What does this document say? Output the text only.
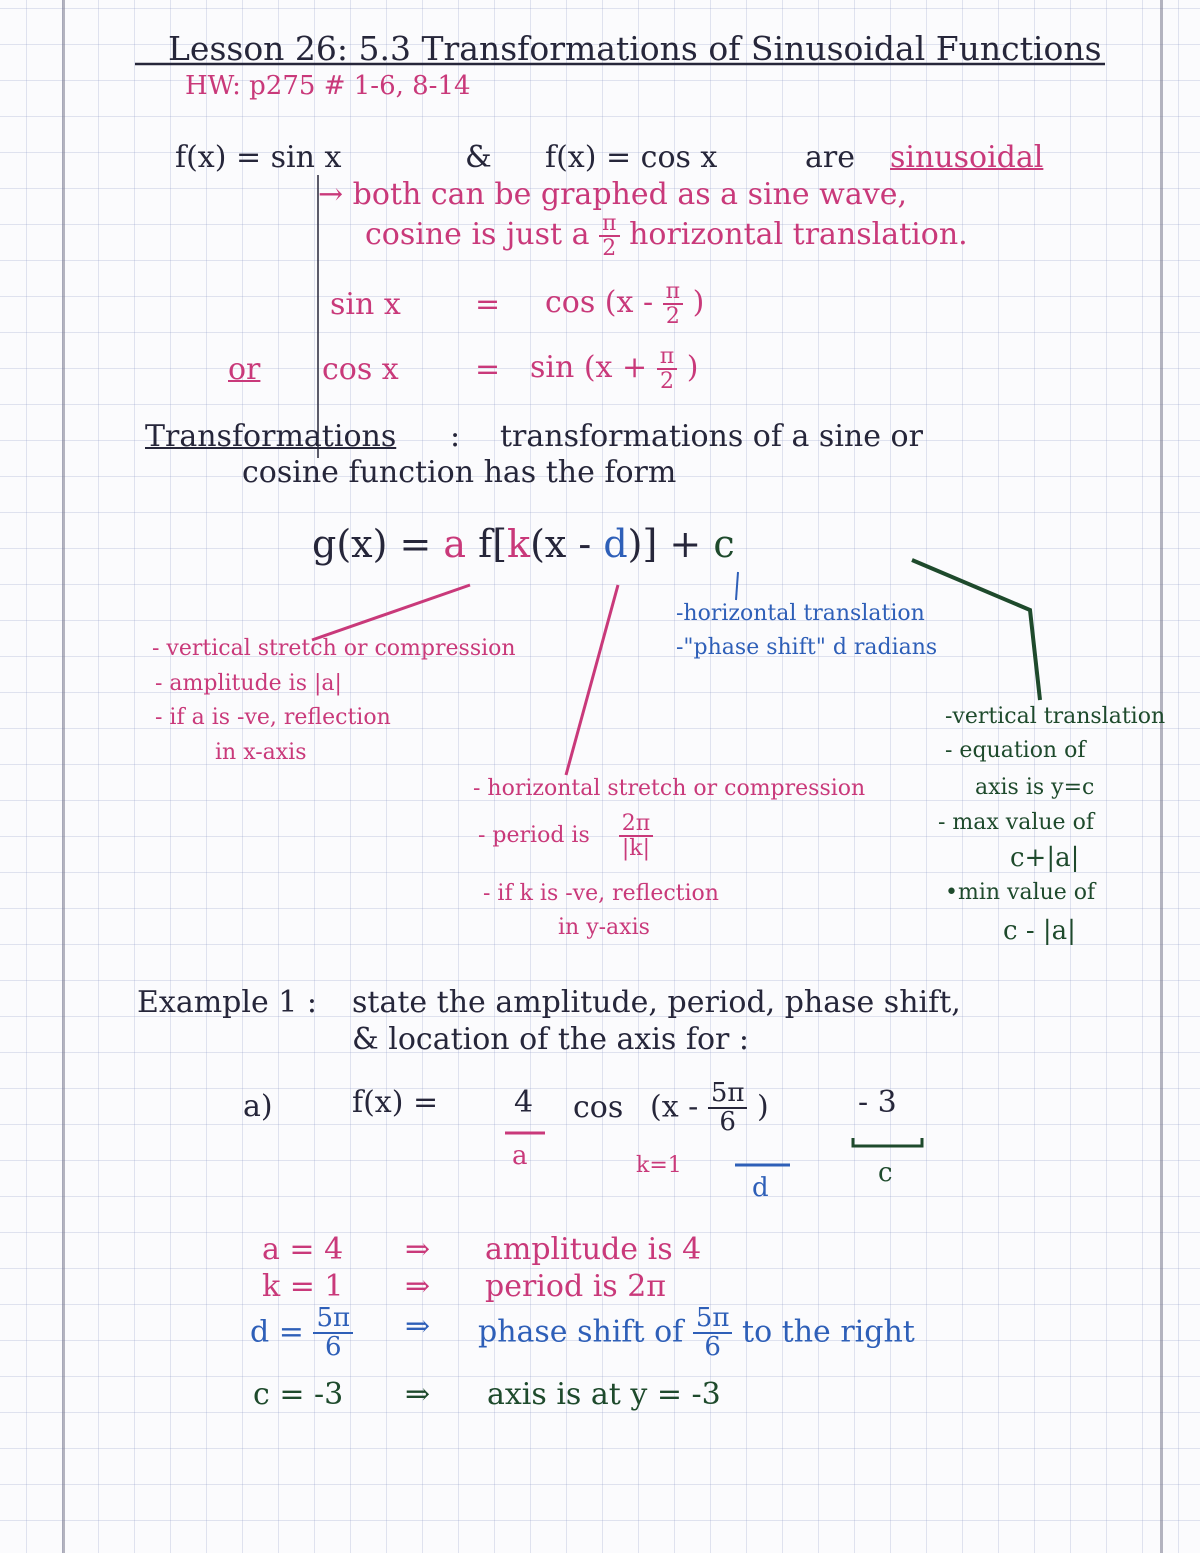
Lesson 26: 5.3 Transformations of Sinusoidal Functions
HW: p275 # 1-6, 8-14
f(x) = sin x	& f(x) = cos x	are sinusoidal
→ both can be graphed as a sine wave,
cosine is just a $\frac{\pi}{2}$ horizontal translation.
$\sin x = \cos (x - \frac{\pi}{2}$ )
or cos x	= $\sin (x + \frac{\pi}{2}$ )
Transformations : transformations of a sine or
cosine function has the form
g(x) = a f[k(x - d)] + c
-horizontal translation
-"phase shift" d radians
- vertical stretch or compression
- amplitude is |a|
- if a is -ve, reflection
in x-axis
-vertical translation
- equation of
axis is y=c
- max value of
c+|a|
•min value of
c - |a|
- horizontal stretch or compression
- period is $\frac{2\pi}{|k|}$
- if k is -ve, reflection
in y-axis
Example 1 : state the amplitude, period, phase shift,
& location of the axis for :
a)	f(x) =	4 $\cos (x - \frac{5\pi}{6}$ )	- 3
a	k=1
d	c
a = 4 ⇒ amplitude is 4
k = 1 ⇒ period is 2π
$d = \frac{5\pi}{6}$ ⇒ phase shift of $\frac{5\pi}{6}$ to the right
c = -3 ⇒ axis is at y = -3
